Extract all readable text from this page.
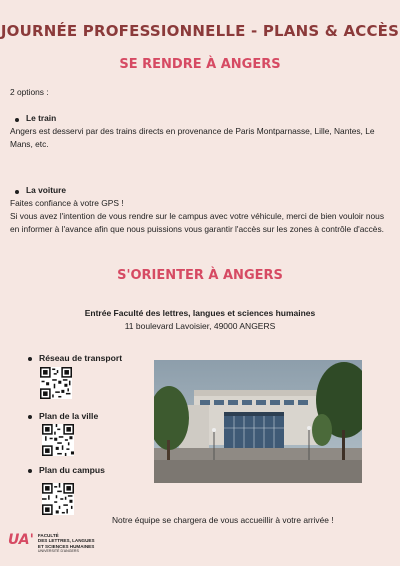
JOURNÉE PROFESSIONNELLE - PLANS & ACCÈS
SE RENDRE À ANGERS
2 options :
Le train
Angers est desservi par des trains directs en provenance de Paris Montparnasse, Lille, Nantes, Le Mans, etc.
La voiture
Faites confiance à votre GPS !
Si vous avez l'intention de vous rendre sur le campus avec votre véhicule, merci de bien vouloir nous en informer à l'avance afin que nous puissions vous garantir l'accès sur les zones à contrôle d'accès.
S'ORIENTER À ANGERS
Entrée Faculté des lettres, langues et sciences humaines
11 boulevard Lavoisier, 49000 ANGERS
Réseau de transport
Plan de la ville
Plan du campus
Notre équipe se chargera de vous accueillir à votre arrivée !
UA' FACULTÉ
DES LETTRES, LANGUES
ET SCIENCES HUMAINES
UNIVERSITÉ D'ANGERS
